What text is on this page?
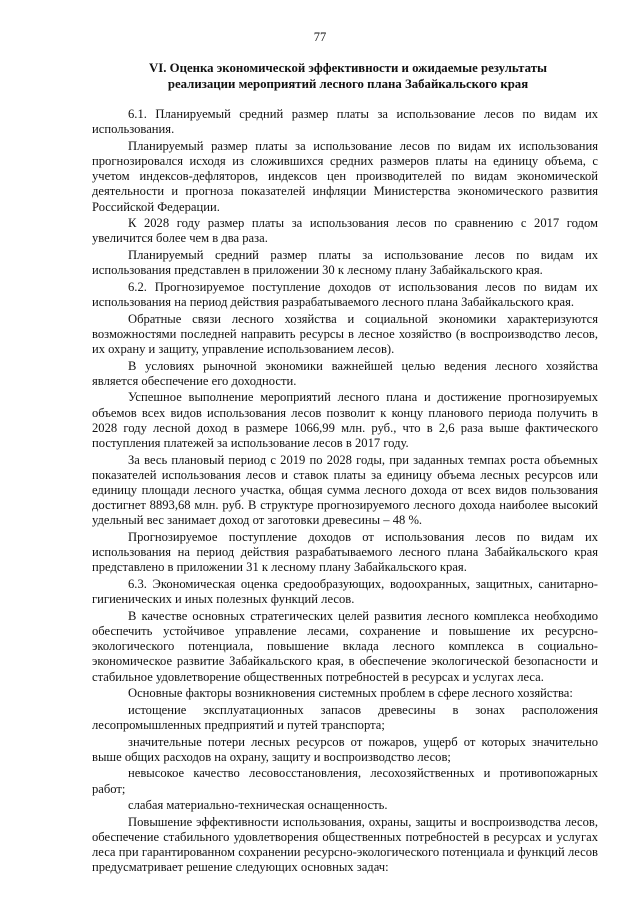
77
VI. Оценка экономической эффективности и ожидаемые результаты
реализации мероприятий лесного плана Забайкальского края

6.1. Планируемый средний размер платы за использование лесов по видам их использования.

Планируемый размер платы за использование лесов по видам их использования прогнозировался исходя из сложившихся средних размеров платы на единицу объема, с учетом индексов-дефляторов, индексов цен производителей по видам экономической деятельности и прогноза показателей инфляции Министерства экономического развития Российской Федерации.

К 2028 году размер платы за использования лесов по сравнению с 2017 годом увеличится более чем в два раза.

Планируемый средний размер платы за использование лесов по видам их использования представлен в приложении 30 к лесному плану Забайкальского края.

6.2. Прогнозируемое поступление доходов от использования лесов по видам их использования на период действия разрабатываемого лесного плана Забайкальского края.

Обратные связи лесного хозяйства и социальной экономики характеризуются возможностями последней направить ресурсы в лесное хозяйство (в воспроизводство лесов, их охрану и защиту, управление использованием лесов).

В условиях рыночной экономики важнейшей целью ведения лесного хозяйства является обеспечение его доходности.

Успешное выполнение мероприятий лесного плана и достижение прогнозируемых объемов всех видов использования лесов позволит к концу планового периода получить в 2028 году лесной доход в размере 1066,99 млн. руб., что в 2,6 раза выше фактического поступления платежей за использование лесов в 2017 году.

За весь плановый период с 2019 по 2028 годы, при заданных темпах роста объемных показателей использования лесов и ставок платы за единицу объема лесных ресурсов или единицу площади лесного участка, общая сумма лесного дохода от всех видов пользования достигнет 8893,68 млн. руб. В структуре прогнозируемого лесного дохода наиболее высокий удельный вес занимает доход от заготовки древесины – 48 %.

Прогнозируемое поступление доходов от использования лесов по видам их использования на период действия разрабатываемого лесного плана Забайкальского края представлено в приложении 31 к лесному плану Забайкальского края.

6.3. Экономическая оценка средообразующих, водоохранных, защитных, санитарно-гигиенических и иных полезных функций лесов.

В качестве основных стратегических целей развития лесного комплекса необходимо обеспечить устойчивое управление лесами, сохранение и повышение их ресурсно-экологического потенциала, повышение вклада лесного комплекса в социально-экономическое развитие Забайкальского края, в обеспечение экологической безопасности и стабильное удовлетворение общественных потребностей в ресурсах и услугах леса.

Основные факторы возникновения системных проблем в сфере лесного хозяйства:

истощение эксплуатационных запасов древесины в зонах расположения лесопромышленных предприятий и путей транспорта;

значительные потери лесных ресурсов от пожаров, ущерб от которых значительно выше общих расходов на охрану, защиту и воспроизводство лесов;

невысокое качество лесовосстановления, лесохозяйственных и противопожарных работ;

слабая материально-техническая оснащенность.

Повышение эффективности использования, охраны, защиты и воспроизводства лесов, обеспечение стабильного удовлетворения общественных потребностей в ресурсах и услугах леса при гарантированном сохранении ресурсно-экологического потенциала и функций лесов предусматривает решение следующих основных задач:
